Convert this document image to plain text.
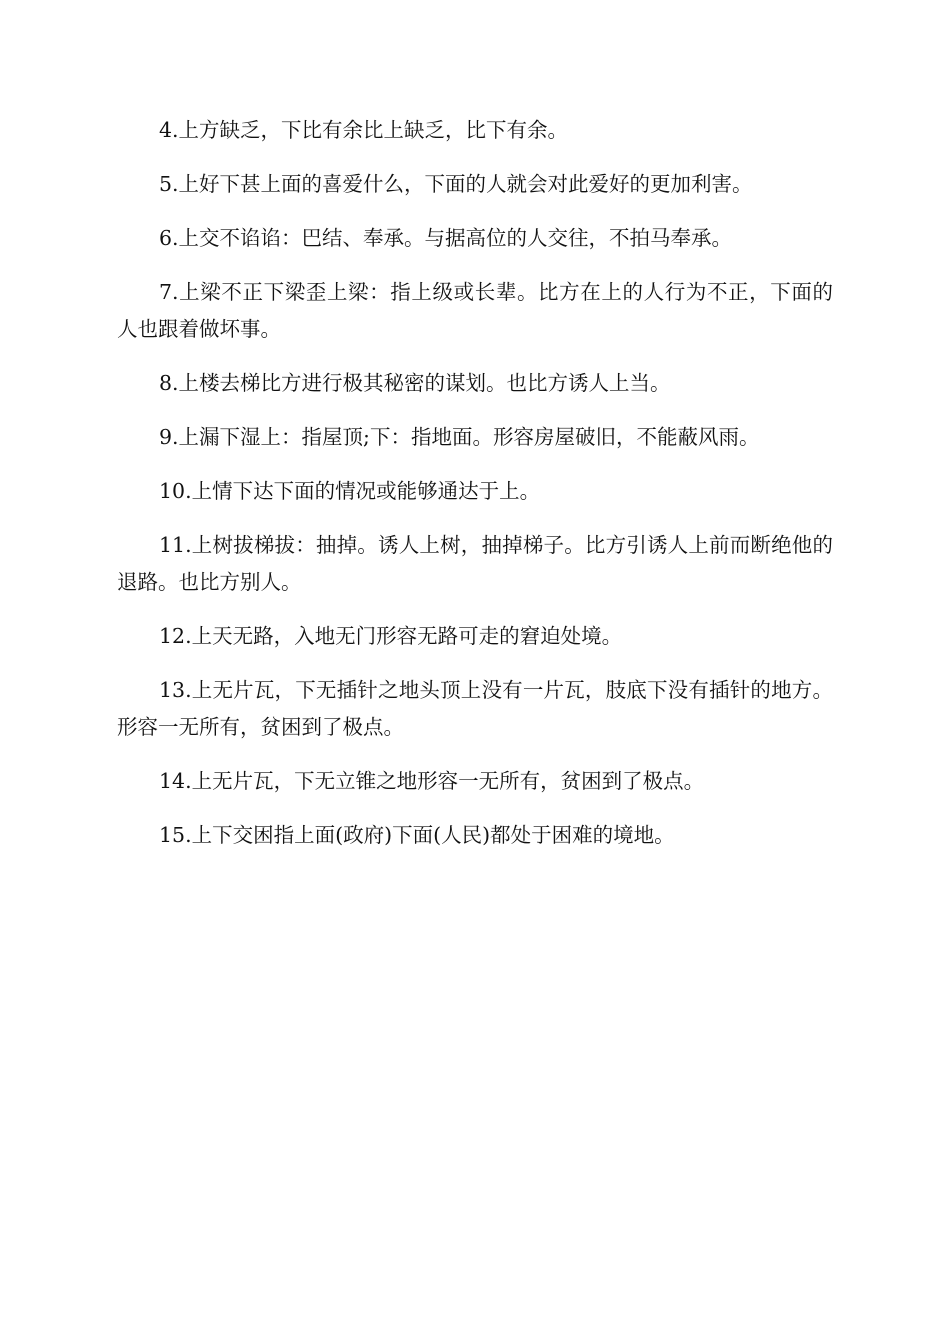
4.上方缺乏，下比有余比上缺乏，比下有余。

5.上好下甚上面的喜爱什么，下面的人就会对此爱好的更加利害。

6.上交不谄谄：巴结、奉承。与据高位的人交往，不拍马奉承。

7.上梁不正下梁歪上梁：指上级或长辈。比方在上的人行为不正，下面的人也跟着做坏事。

8.上楼去梯比方进行极其秘密的谋划。也比方诱人上当。

9.上漏下湿上：指屋顶;下：指地面。形容房屋破旧，不能蔽风雨。

10.上情下达下面的情况或能够通达于上。

11.上树拔梯拔：抽掉。诱人上树，抽掉梯子。比方引诱人上前而断绝他的退路。也比方别人。

12.上天无路，入地无门形容无路可走的窘迫处境。

13.上无片瓦，下无插针之地头顶上没有一片瓦，肢底下没有插针的地方。形容一无所有，贫困到了极点。

14.上无片瓦，下无立锥之地形容一无所有，贫困到了极点。

15.上下交困指上面(政府)下面(人民)都处于困难的境地。
